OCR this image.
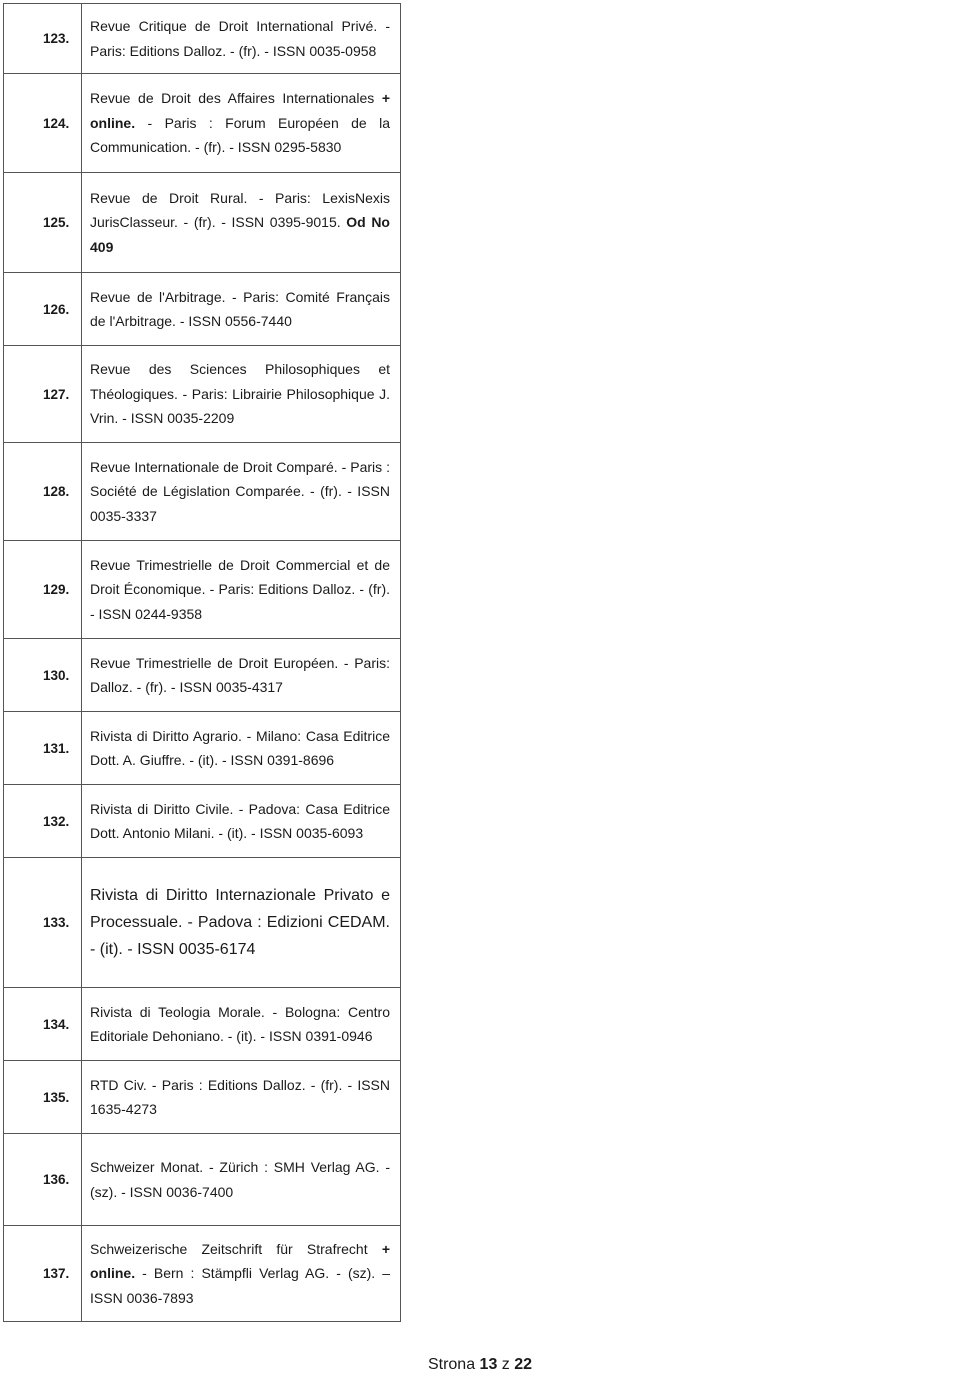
123.	Revue Critique de Droit International Privé. - Paris: Editions Dalloz. - (fr). - ISSN 0035-0958
124.	Revue de Droit des Affaires Internationales + online. - Paris : Forum Européen de la Communication. - (fr). - ISSN 0295-5830
125.	Revue de Droit Rural. - Paris: LexisNexis JurisClasseur. - (fr). - ISSN 0395-9015. Od No 409
126.	Revue de l'Arbitrage. - Paris: Comité Français de l'Arbitrage. - ISSN 0556-7440
127.	Revue des Sciences Philosophiques et Théologiques. - Paris: Librairie Philosophique J. Vrin. - ISSN 0035-2209
128.	Revue Internationale de Droit Comparé. - Paris : Société de Législation Comparée. - (fr). - ISSN 0035-3337
129.	Revue Trimestrielle de Droit Commercial et de Droit Économique. - Paris: Editions Dalloz. - (fr). - ISSN 0244-9358
130.	Revue Trimestrielle de Droit Européen. - Paris: Dalloz. - (fr). - ISSN 0035-4317
131.	Rivista di Diritto Agrario. - Milano: Casa Editrice Dott. A. Giuffre. - (it). - ISSN 0391-8696
132.	Rivista di Diritto Civile. - Padova: Casa Editrice Dott. Antonio Milani. - (it). - ISSN 0035-6093
133.	Rivista di Diritto Internazionale Privato e Processuale. - Padova : Edizioni CEDAM. - (it). - ISSN 0035-6174
134.	Rivista di Teologia Morale. - Bologna: Centro Editoriale Dehoniano. - (it). - ISSN 0391-0946
135.	RTD Civ. - Paris : Editions Dalloz. - (fr). - ISSN 1635-4273
136.	Schweizer Monat. - Zürich : SMH Verlag AG. - (sz). - ISSN 0036-7400
137.	Schweizerische Zeitschrift für Strafrecht + online. - Bern : Stämpfli Verlag AG. - (sz). – ISSN 0036-7893
Strona 13 z 22
